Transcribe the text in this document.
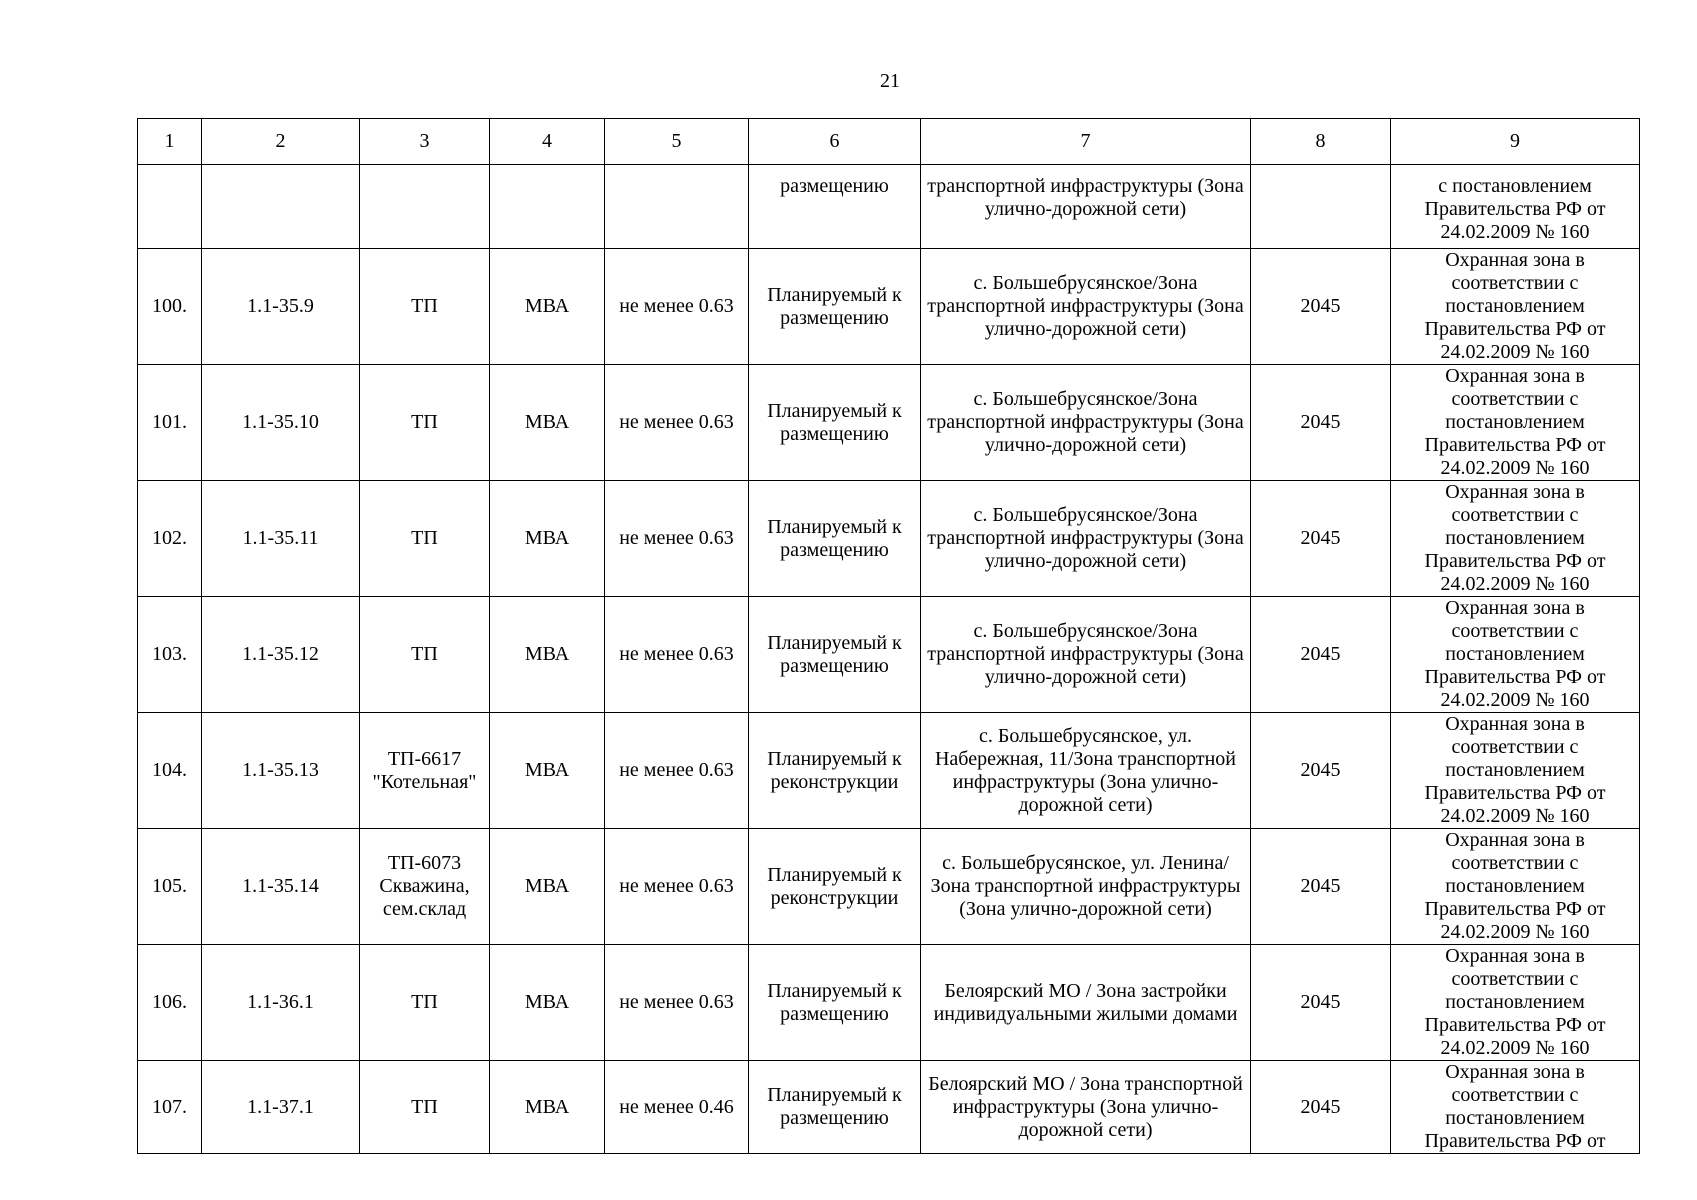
21
1	2	3	4	5	6	7	8	9
					размещению	транспортной инфраструктуры (Зона улично-дорожной сети)		с постановлением Правительства РФ от 24.02.2009 № 160
100.	1.1-35.9	ТП	МВА	не менее 0.63	Планируемый к размещению	с. Большебрусянское/Зона транспортной инфраструктуры (Зона улично-дорожной сети)	2045	Охранная зона в соответствии с постановлением Правительства РФ от 24.02.2009 № 160
101.	1.1-35.10	ТП	МВА	не менее 0.63	Планируемый к размещению	с. Большебрусянское/Зона транспортной инфраструктуры (Зона улично-дорожной сети)	2045	Охранная зона в соответствии с постановлением Правительства РФ от 24.02.2009 № 160
102.	1.1-35.11	ТП	МВА	не менее 0.63	Планируемый к размещению	с. Большебрусянское/Зона транспортной инфраструктуры (Зона улично-дорожной сети)	2045	Охранная зона в соответствии с постановлением Правительства РФ от 24.02.2009 № 160
103.	1.1-35.12	ТП	МВА	не менее 0.63	Планируемый к размещению	с. Большебрусянское/Зона транспортной инфраструктуры (Зона улично-дорожной сети)	2045	Охранная зона в соответствии с постановлением Правительства РФ от 24.02.2009 № 160
104.	1.1-35.13	ТП-6617 "Котельная"	МВА	не менее 0.63	Планируемый к реконструкции	с. Большебрусянское, ул. Набережная, 11/Зона транспортной инфраструктуры (Зона улично-дорожной сети)	2045	Охранная зона в соответствии с постановлением Правительства РФ от 24.02.2009 № 160
105.	1.1-35.14	ТП-6073 Скважина, сем.склад	МВА	не менее 0.63	Планируемый к реконструкции	с. Большебрусянское, ул. Ленина/Зона транспортной инфраструктуры (Зона улично-дорожной сети)	2045	Охранная зона в соответствии с постановлением Правительства РФ от 24.02.2009 № 160
106.	1.1-36.1	ТП	МВА	не менее 0.63	Планируемый к размещению	Белоярский МО / Зона застройки индивидуальными жилыми домами	2045	Охранная зона в соответствии с постановлением Правительства РФ от 24.02.2009 № 160
107.	1.1-37.1	ТП	МВА	не менее 0.46	Планируемый к размещению	Белоярский МО / Зона транспортной инфраструктуры (Зона улично-дорожной сети)	2045	Охранная зона в соответствии с постановлением Правительства РФ от
